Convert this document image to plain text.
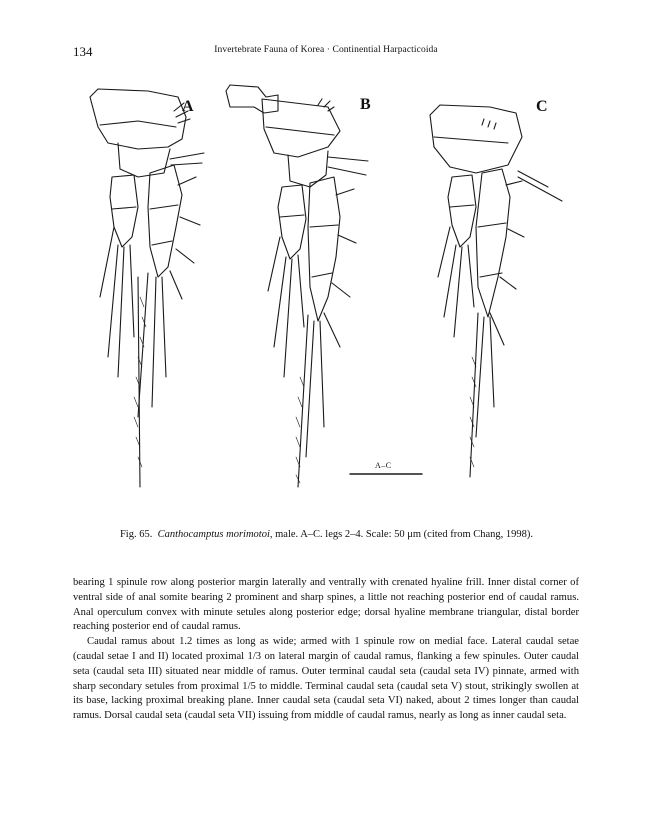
134	Invertebrate Fauna of Korea · Continential Harpacticoida
A	B	C
A–C
Fig. 65. Canthocamptus morimotoi, male. A–C. legs 2–4. Scale: 50 μm (cited from Chang, 1998).

bearing 1 spinule row along posterior margin laterally and ventrally with crenated hyaline frill. Inner distal corner of ventral side of anal somite bearing 2 prominent and sharp spines, a little not reaching posterior end of caudal ramus. Anal operculum convex with minute setules along posterior edge; dorsal hyaline membrane triangular, distal border reaching posterior end of caudal ramus.

Caudal ramus about 1.2 times as long as wide; armed with 1 spinule row on medial face. Lateral caudal setae (caudal setae I and II) located proximal 1/3 on lateral margin of caudal ramus, flanking a few spinules. Outer caudal seta (caudal seta III) situated near middle of ramus. Outer terminal caudal seta (caudal seta IV) pinnate, armed with sharp secondary setules from proximal 1/5 to middle. Terminal caudal seta (caudal seta V) stout, strikingly swollen at its base, lacking proximal breaking plane. Inner caudal seta (caudal seta VI) naked, about 2 times longer than caudal ramus. Dorsal caudal seta (caudal seta VII) issuing from middle of caudal ramus, nearly as long as inner caudal seta.
